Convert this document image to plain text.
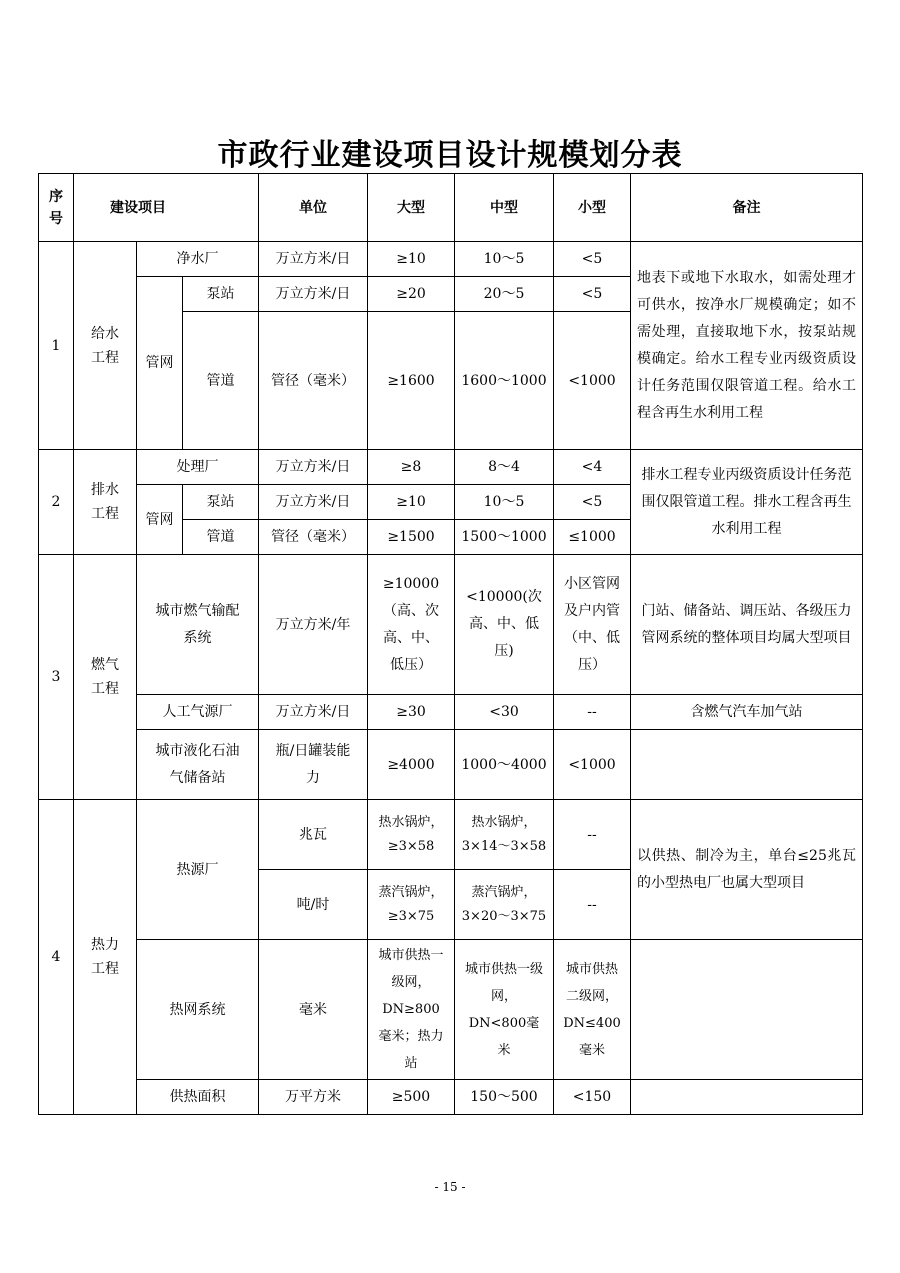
市政行业建设项目设计规模划分表
序号	建设项目			单位	大型	中型	小型	备注
1	给水工程	净水厂		万立方米/日	≥10	10～5	<5	地表下或地下水取水，如需处理才可供水，按净水厂规模确定；如不需处理，直接取地下水，按泵站规模确定。给水工程专业丙级资质设计任务范围仅限管道工程。给水工程含再生水利用工程
		管网	泵站	万立方米/日	≥20	20～5	<5	
			管道	管径（毫米）	≥1600	1600～1000	<1000	
2	排水工程	处理厂		万立方米/日	≥8	8～4	<4	排水工程专业丙级资质设计任务范围仅限管道工程。排水工程含再生水利用工程
		管网	泵站	万立方米/日	≥10	10～5	<5	
			管道	管径（毫米）	≥1500	1500～1000	≤1000	
3	燃气工程	城市燃气输配系统		万立方米/年	≥10000（高、次高、中、低压）	<10000(次高、中、低压)	小区管网及户内管（中、低压）	门站、储备站、调压站、各级压力管网系统的整体项目均属大型项目
		人工气源厂		万立方米/日	≥30	<30	--	含燃气汽车加气站
		城市液化石油气储备站		瓶/日罐装能力	≥4000	1000～4000	<1000	
4	热力工程	热源厂		兆瓦	热水锅炉，≥3×58	热水锅炉，3×14～3×58	--	以供热、制冷为主，单台≤25兆瓦的小型热电厂也属大型项目
				吨/时	蒸汽锅炉，≥3×75	蒸汽锅炉，3×20～3×75	--	
		热网系统		毫米	城市供热一级网，DN≥800毫米；热力站	城市供热一级网，DN<800毫米	城市供热二级网，DN≤400毫米	
		供热面积		万平方米	≥500	150～500	<150	
- 15 -
